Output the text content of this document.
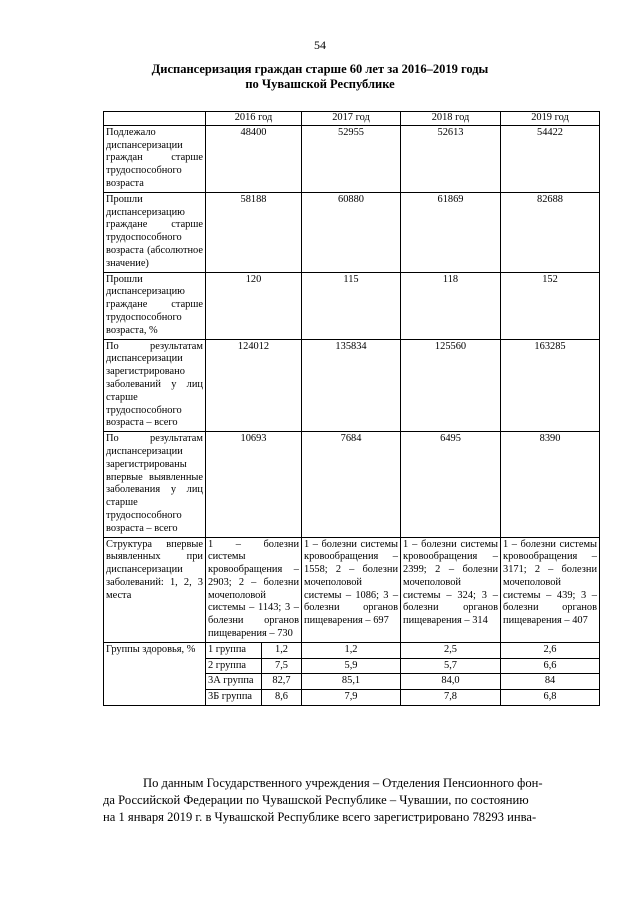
54
Диспансеризация граждан старше 60 лет за 2016–2019 годы
по Чувашской Республике
	2016 год		2017 год	2018 год	2019 год
Подлежало диспансеризации граждан старше трудоспособного возраста	48400		52955	52613	54422
Прошли диспансеризацию граждане старше трудоспособного возраста (абсолютное значение)	58188		60880	61869	82688
Прошли диспансеризацию граждане старше трудоспособного возраста, %	120		115	118	152
По результатам диспансеризации зарегистрировано заболеваний у лиц старше трудоспособного возраста – всего	124012		135834	125560	163285
По результатам диспансеризации зарегистрированы впервые выявленные заболевания у лиц старше трудоспособного возраста – всего	10693		7684	6495	8390
Структура впервые выявленных при диспансеризации заболеваний: 1, 2, 3 места	1 – болезни системы кровообращения – 2903; 2 – болезни мочеполовой системы – 1143; 3 – болезни органов пищеварения – 730		1 – болезни системы кровообращения – 1558; 2 – болезни мочеполовой системы – 1086; 3 – болезни органов пищеварения – 697	1 – болезни системы кровообращения – 2399; 2 – болезни мочеполовой системы – 324; 3 – болезни органов пищеварения – 314	1 – болезни системы кровообращения – 3171; 2 – болезни мочеполовой системы – 439; 3 – болезни органов пищеварения – 407
Группы здоровья, %	1 группа	1,2	1,2	2,5	2,6
	2 группа	7,5	5,9	5,7	6,6
	3А группа	82,7	85,1	84,0	84
	3Б группа	8,6	7,9	7,8	6,8
По данным Государственного учреждения – Отделения Пенсионного фон-
да Российской Федерации по Чувашской Республике – Чувашии, по состоянию
на 1 января 2019 г. в Чувашской Республике всего зарегистрировано 78293 инва-
